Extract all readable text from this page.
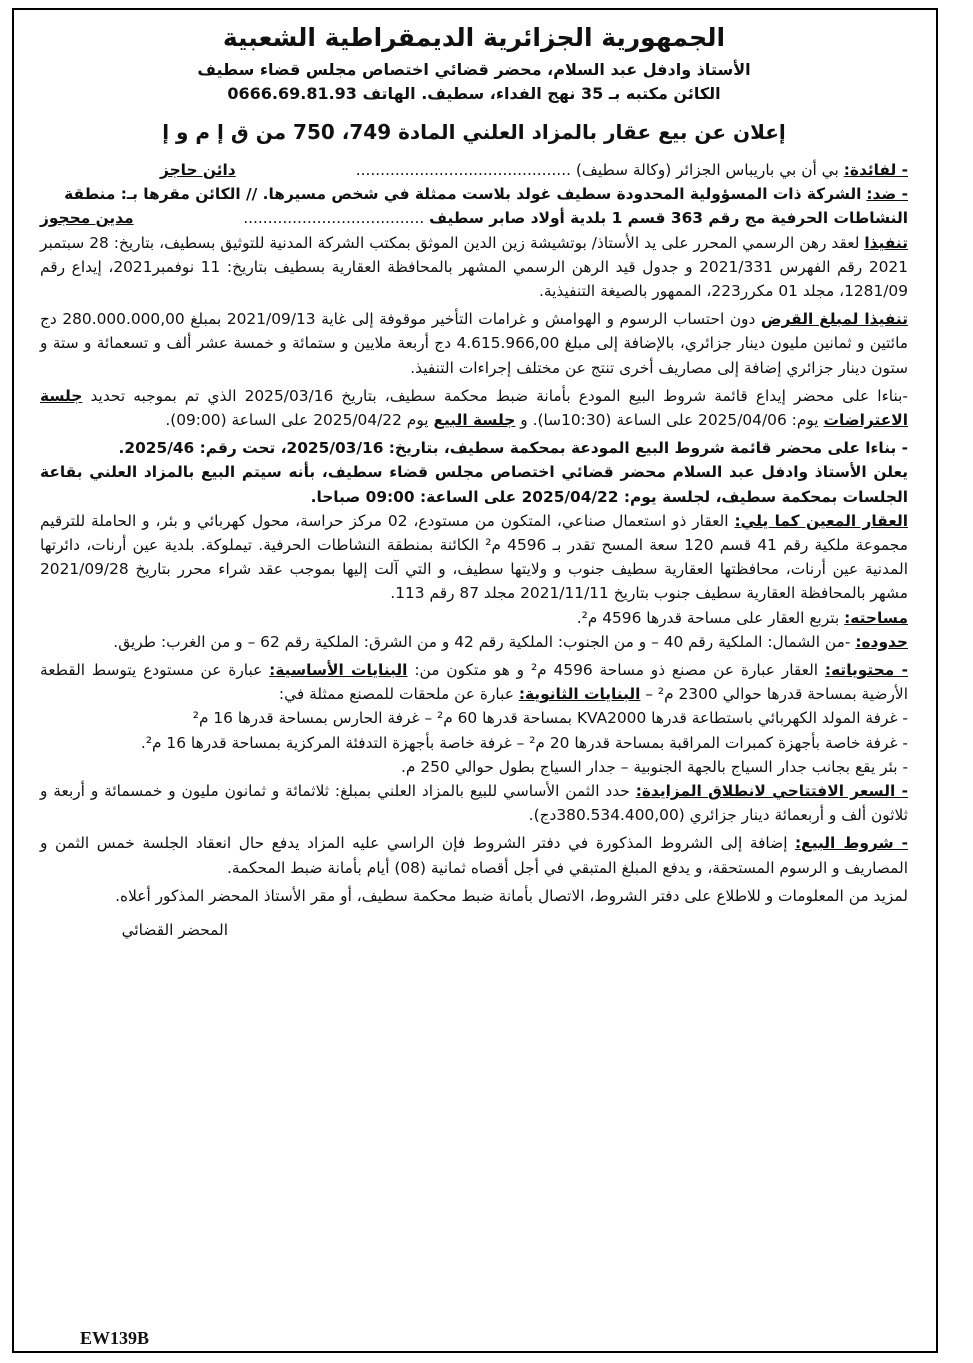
الجمهورية الجزائرية الديمقراطية الشعبية
الأستاذ وادفل عبد السلام، محضر قضائي اختصاص مجلس قضاء سطيف
الكائن مكتبه بـ 35 نهج الفداء، سطيف. الهاتف 0666.69.81.93
إعلان عن بيع عقار بالمزاد العلني المادة 749، 750 من ق إ م و إ
- لفائدة: بي أن بي باريباس الجزائر (وكالة سطيف) ............................................
دائن حاجز

- ضد: الشركة ذات المسؤولية المحدودة سطيف غولد بلاست ممثلة في شخص مسيرها. // الكائن مقرها بـ: منطقة

النشاطات الحرفية مج رقم 363 قسم 1 بلدية أولاد صابر سطيف .....................................
مدين محجوز

تنفيذا لعقد رهن الرسمي المحرر على يد الأستاذ/ بوتشيشة زين الدين الموثق بمكتب الشركة المدنية للتوثيق بسطيف، بتاريخ: 28 سبتمبر 2021 رقم الفهرس 2021/331 و جدول قيد الرهن الرسمي المشهر بالمحافظة العقارية بسطيف بتاريخ: 11 نوفمبر2021، إيداع رقم 1281/09، مجلد 01 مكرر223، الممهور بالصيغة التنفيذية.

تنفيذا لمبلغ القرض دون احتساب الرسوم و الهوامش و غرامات التأخير موقوفة إلى غاية 2021/09/13 بمبلغ 280.000.000,00 دج مائتين و ثمانين مليون دينار جزائري، بالإضافة إلى مبلغ 4.615.966,00 دج أربعة ملايين و ستمائة و خمسة عشر ألف و تسعمائة و ستة و ستون دينار جزائري إضافة إلى مصاريف أخرى تنتج عن مختلف إجراءات التنفيذ.

-بناءا على محضر إيداع قائمة شروط البيع المودع بأمانة ضبط محكمة سطيف، بتاريخ 2025/03/16 الذي تم بموجبه تحديد جلسة الاعتراضات يوم: 2025/04/06 على الساعة (10:30سا). و جلسة البيع يوم 2025/04/22 على الساعة (09:00).

- بناءا على محضر قائمة شروط البيع المودعة بمحكمة سطيف، بتاريخ: 2025/03/16، تحت رقم: 2025/46.

يعلن الأستاذ وادفل عبد السلام محضر قضائي اختصاص مجلس قضاء سطيف، بأنه سيتم البيع بالمزاد العلني بقاعة الجلسات بمحكمة سطيف، لجلسة يوم: 2025/04/22 على الساعة: 09:00 صباحا.

العقار المعين كما يلي: العقار ذو استعمال صناعي، المتكون من مستودع، 02 مركز حراسة، محول كهربائي و بئر، و الحاملة للترقيم مجموعة ملكية رقم 41 قسم 120 سعة المسح تقدر بـ 4596 م² الكائنة بمنطقة النشاطات الحرفية. تيملوكة. بلدية عين أرنات، دائرتها المدنية عين أرنات، محافظتها العقارية سطيف جنوب و ولايتها سطيف، و التي آلت إليها بموجب عقد شراء محرر بتاريخ 2021/09/28 مشهر بالمحافظة العقارية سطيف جنوب بتاريخ 2021/11/11 مجلد 87 رقم 113.

مساحته: بتربع العقار على مساحة قدرها 4596 م².

حدوده: -من الشمال: الملكية رقم 40 – و من الجنوب: الملكية رقم 42 و من الشرق: الملكية رقم 62 – و من الغرب: طريق.

- محتوياته: العقار عبارة عن مصنع ذو مساحة 4596 م² و هو متكون من: البنايات الأساسية: عبارة عن مستودع يتوسط القطعة الأرضية بمساحة قدرها حوالي 2300 م² – البنايات الثانوية: عبارة عن ملحقات للمصنع ممثلة في:

- غرفة المولد الكهربائي باستطاعة قدرها KVA2000 بمساحة قدرها 60 م² – غرفة الحارس بمساحة قدرها 16 م²

- غرفة خاصة بأجهزة كمبرات المراقبة بمساحة قدرها 20 م² – غرفة خاصة بأجهزة التدفئة المركزية بمساحة قدرها 16 م².

- بئر يقع بجانب جدار السياج بالجهة الجنوبية – جدار السياج بطول حوالي 250 م.

- السعر الافتتاحي لانطلاق المزايدة: حدد الثمن الأساسي للبيع بالمزاد العلني بمبلغ: ثلاثمائة و ثمانون مليون و خمسمائة و أربعة و ثلاثون ألف و أربعمائة دينار جزائري (380.534.400,00دج).

- شروط البيع: إضافة إلى الشروط المذكورة في دفتر الشروط فإن الراسي عليه المزاد يدفع حال انعقاد الجلسة خمس الثمن و المصاريف و الرسوم المستحقة، و يدفع المبلغ المتبقي في أجل أقصاه ثمانية (08) أيام بأمانة ضبط المحكمة.

لمزيد من المعلومات و للاطلاع على دفتر الشروط، الاتصال بأمانة ضبط محكمة سطيف، أو مقر الأستاذ المحضر المذكور أعلاه.

المحضر القضائي
EW139B
